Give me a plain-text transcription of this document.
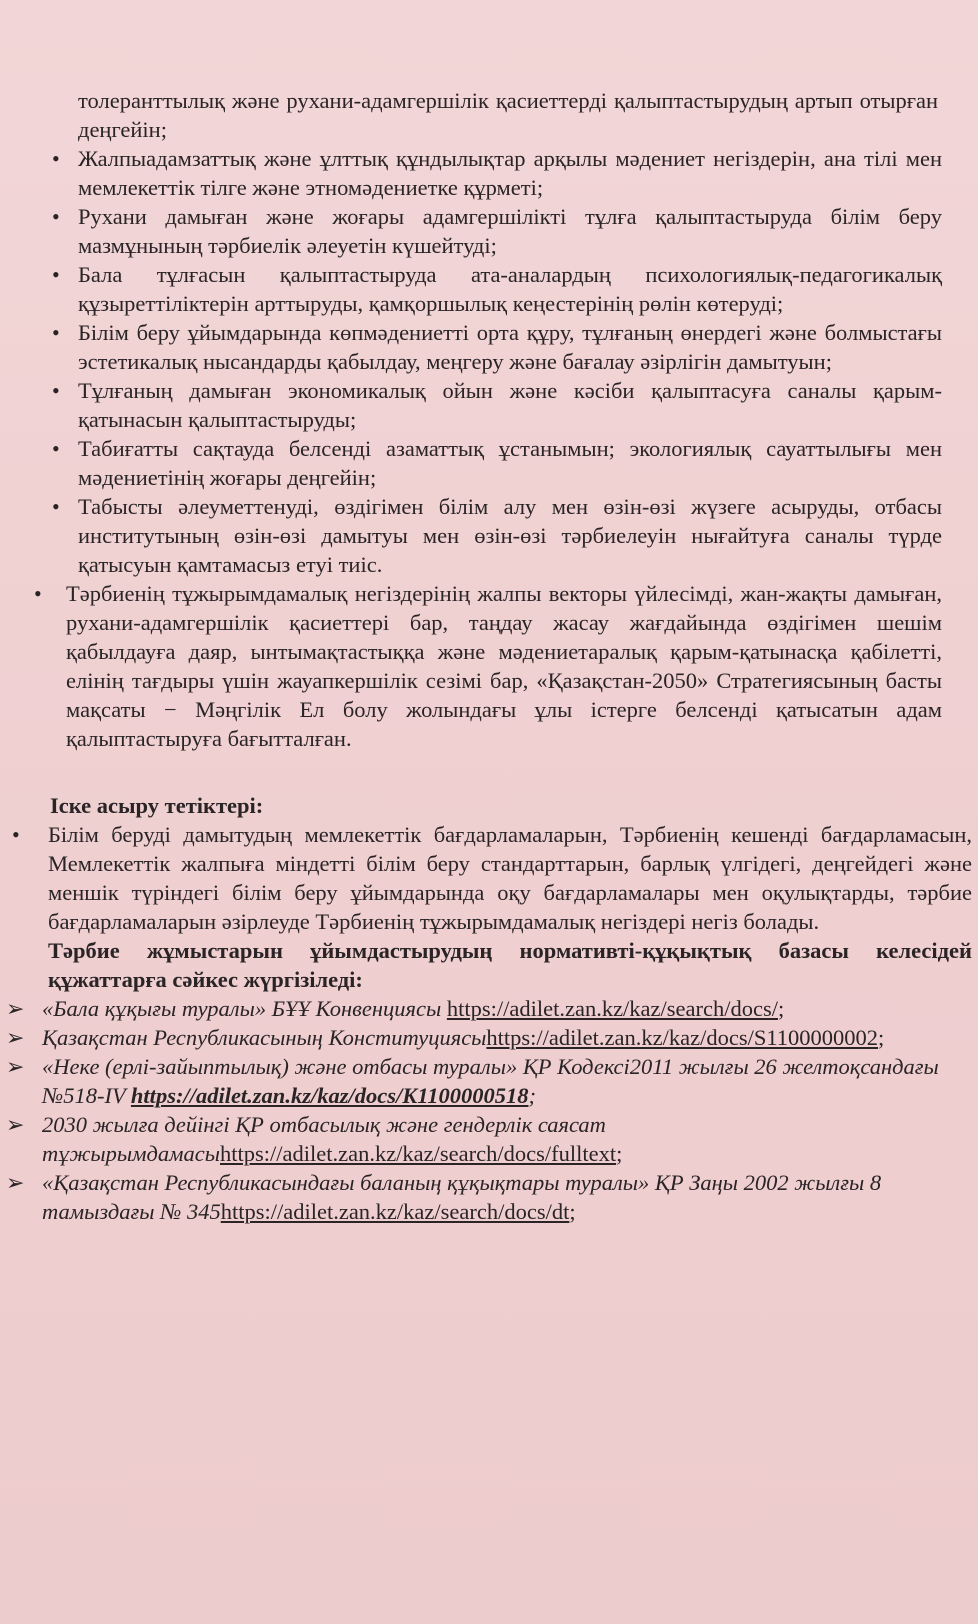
толеранттылық және рухани-адамгершілік қасиеттерді қалыптастырудың артып отырған деңгейін;

• Жалпыадамзаттық және ұлттық құндылықтар арқылы мәдениет негіздерін, ана тілі мен мемлекеттік тілге және этномәдениетке құрметі;

• Рухани дамыған және жоғары адамгершілікті тұлға қалыптастыруда білім беру мазмұнының тәрбиелік әлеуетін күшейтуді;

• Бала тұлғасын қалыптастыруда ата-аналардың психологиялық-педагогикалық құзыреттіліктерін арттыруды, қамқоршылық кеңестерінің рөлін көтеруді;

• Білім беру ұйымдарында көпмәдениетті орта құру, тұлғаның өнердегі және болмыстағы эстетикалық нысандарды қабылдау, меңгеру және бағалау әзірлігін дамытуын;

• Тұлғаның дамыған экономикалық ойын және кәсіби қалыптасуға саналы қарым-қатынасын қалыптастыруды;

• Табиғатты сақтауда белсенді азаматтық ұстанымын; экологиялық сауаттылығы мен мәдениетінің жоғары деңгейін;

• Табысты әлеуметтенуді, өздігімен білім алу мен өзін-өзі жүзеге асыруды, отбасы институтының өзін-өзі дамытуы мен өзін-өзі тәрбиелеуін нығайтуға саналы түрде қатысуын қамтамасыз етуі тиіс.

• Тәрбиенің тұжырымдамалық негіздерінің жалпы векторы үйлесімді, жан-жақты дамыған, рухани-адамгершілік қасиеттері бар, таңдау жасау жағдайында өздігімен шешім қабылдауға даяр, ынтымақтастыққа және мәдениетаралық қарым-қатынасқа қабілетті, елінің тағдыры үшін жауапкершілік сезімі бар, «Қазақстан-2050» Стратегиясының басты мақсаты − Мәңгілік Ел болу жолындағы ұлы істерге белсенді қатысатын адам қалыптастыруға бағытталған.

Іске асыру тетіктері:

• Білім беруді дамытудың мемлекеттік бағдарламаларын, Тәрбиенің кешенді бағдарламасын, Мемлекеттік жалпыға міндетті білім беру стандарттарын, барлық үлгідегі, деңгейдегі және меншік түріндегі білім беру ұйымдарында оқу бағдарламалары мен оқулықтарды, тәрбие бағдарламаларын әзірлеуде Тәрбиенің тұжырымдамалық негіздері негіз болады.

Тәрбие жұмыстарын ұйымдастырудың нормативті-құқықтық базасы келесідей құжаттарға сәйкес жүргізіледі:

➢ «Бала құқығы туралы» БҰҰ Конвенциясы https://adilet.zan.kz/kaz/search/docs/;

➢ Қазақстан Республикасының Конституциясыhttps://adilet.zan.kz/kaz/docs/S1100000002;

➢ «Неке (ерлі-зайыптылық) және отбасы туралы» ҚР Кодексі2011 жылғы 26 желтоқсандағы №518-IV https://adilet.zan.kz/kaz/docs/K1100000518;

➢ 2030 жылға дейінгі ҚР отбасылық және гендерлік саясат тұжырымдамасыhttps://adilet.zan.kz/kaz/search/docs/fulltext;

➢ «Қазақстан Республикасындағы баланың құқықтары туралы» ҚР Заңы 2002 жылғы 8 тамыздағы № 345https://adilet.zan.kz/kaz/search/docs/dt;
